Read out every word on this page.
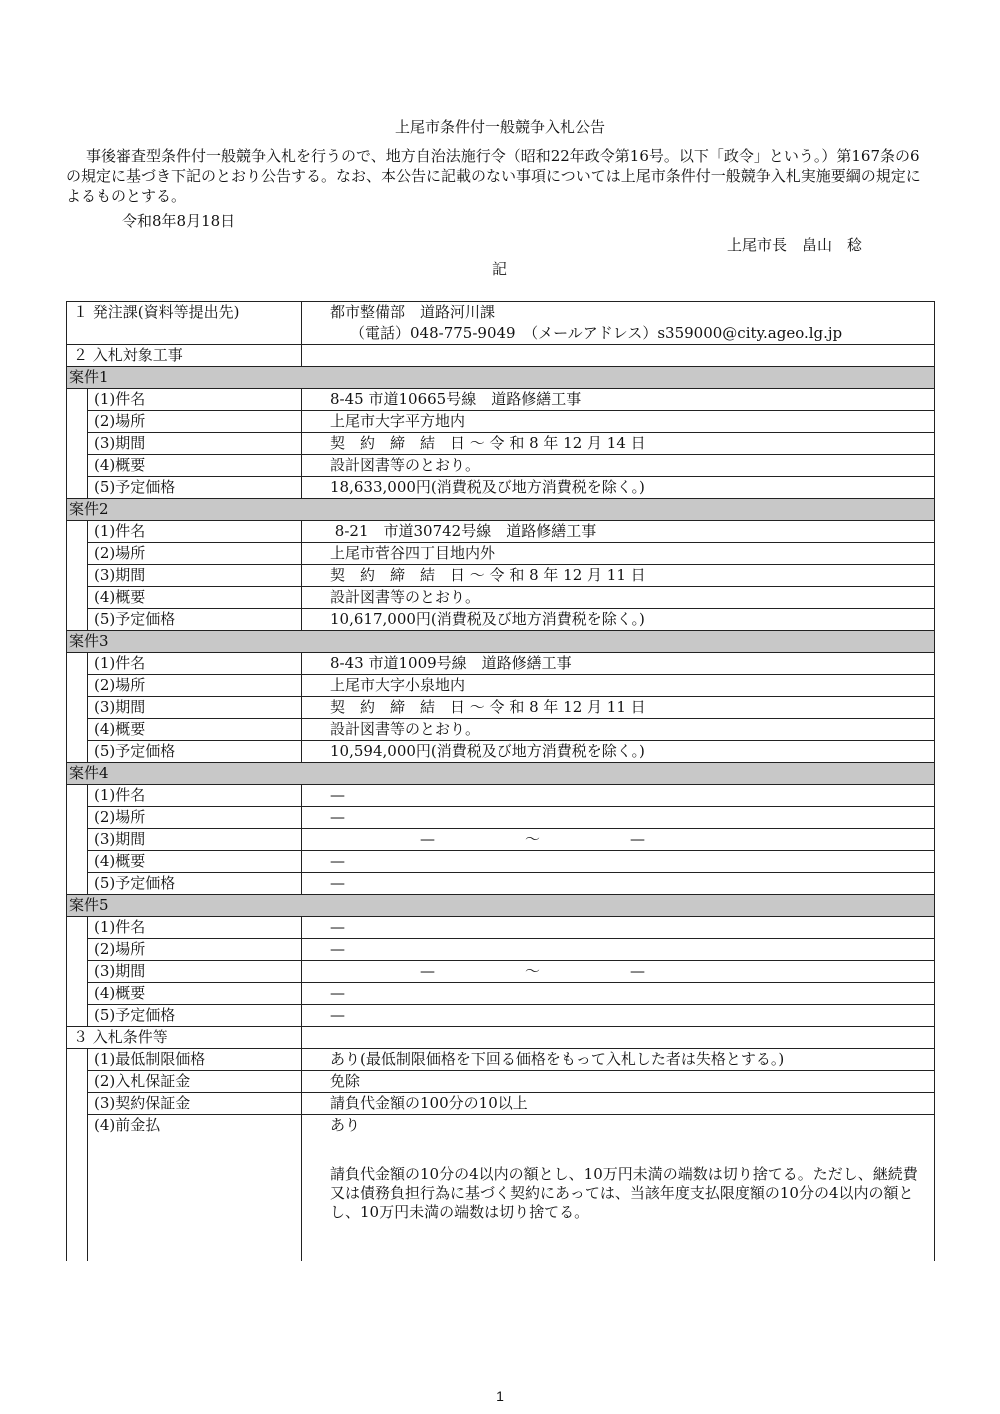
上尾市条件付一般競争入札公告
事後審査型条件付一般競争入札を行うので、地方自治法施行令（昭和22年政令第16号。以下「政令」という。）第167条の6の規定に基づき下記のとおり公告する。なお、本公告に記載のない事項については上尾市条件付一般競争入札実施要綱の規定によるものとする。
令和8年8月18日
上尾市長　畠山　稔
記
１ 発注課(資料等提出先)		都市整備部　道路河川課
（電話）048-775-9049　（メールアドレス）s359000@city.ageo.lg.jp

２ 入札対象工事		
案件1		
	(1)件名	8-45 市道10665号線　道路修繕工事
	(2)場所	上尾市大字平方地内
	(3)期間	契　約　締　結　日 ～ 令 和 8 年 12 月 14 日
	(4)概要	設計図書等のとおり。
	(5)予定価格	18,633,000円(消費税及び地方消費税を除く。)
案件2		
	(1)件名	8-21　市道30742号線　道路修繕工事
	(2)場所	上尾市菅谷四丁目地内外
	(3)期間	契　約　締　結　日 ～ 令 和 8 年 12 月 11 日
	(4)概要	設計図書等のとおり。
	(5)予定価格	10,617,000円(消費税及び地方消費税を除く。)
案件3		
	(1)件名	8-43 市道1009号線　道路修繕工事
	(2)場所	上尾市大字小泉地内
	(3)期間	契　約　締　結　日 ～ 令 和 8 年 12 月 11 日
	(4)概要	設計図書等のとおり。
	(5)予定価格	10,594,000円(消費税及び地方消費税を除く。)
案件4		
	(1)件名	—
	(2)場所	—
	(3)期間	　　　　　　—　　　　　　～　　　　　　—
	(4)概要	—
	(5)予定価格	—
案件5		
	(1)件名	—
	(2)場所	—
	(3)期間	　　　　　　—　　　　　　～　　　　　　—
	(4)概要	—
	(5)予定価格	—
３ 入札条件等		
	(1)最低制限価格	あり(最低制限価格を下回る価格をもって入札した者は失格とする。)
	(2)入札保証金	免除
	(3)契約保証金	請負代金額の100分の10以上
	(4)前金払	あり
請負代金額の10分の4以内の額とし、10万円未満の端数は切り捨てる。ただし、継続費又は債務負担行為に基づく契約にあっては、当該年度支払限度額の10分の4以内の額とし、10万円未満の端数は切り捨てる。
1
